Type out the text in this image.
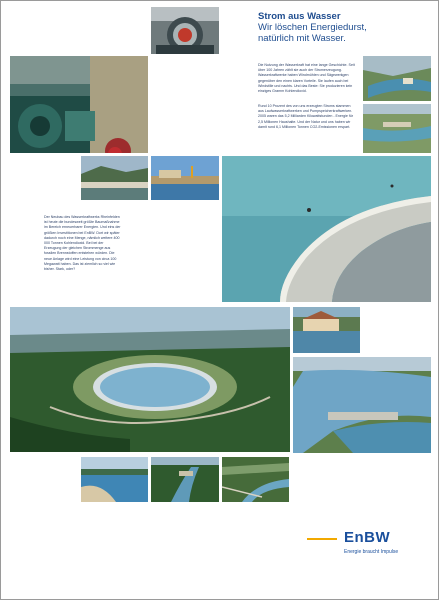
Strom aus Wasser
Wir löschen Energiedurst,
natürlich mit Wasser.
Die Nutzung der Wasserkraft hat eine lange Geschichte. Seit über 100 Jahren zählt sie auch der Stromerzeugung. Wasserkraftwerke haben Windmühlen und Sägewerkgen gegenüber den einen klaren Vorteile. Sie laufen auch bei Windstille und nachts. Und das Beste: Sie produzieren kein einziges Gramm Kohlendioxid.
Rund 10 Prozent des von uns erzeugten Stroms stammen aus Laufwasserkraftwerken und Pumpspeicherkraftwerken. 2005 waren das 5,2 Milliarden Kilowattstunden - Energie für 2,5 Millionen Haushalte. Und der Natur und uns haben wir damit rund 6,1 Millionen Tonnen CO2-Emissionen erspart.
Der Neubau des Wasserkraftwerks Rheinfelden ist heute die bundesweit größte Baumaßnahme im Bereich erneuerbarer Energien. Und eins der größten Investitionen bei EnBW. Dort wir später dadurch noch eine Menge, nämlich weitere 400 000 Tonnen Kohlendioxid. Bei bei der Erzeugung der gleichen Strommenge aus fossilen Brennstoffen entstehen würden. Die neue Anlage wird eine Leistung von circa 100 Megawatt haben. Das ist ziemlich so viel wie bisher. Stark, oder?
EnBW
Energie braucht Impulse
